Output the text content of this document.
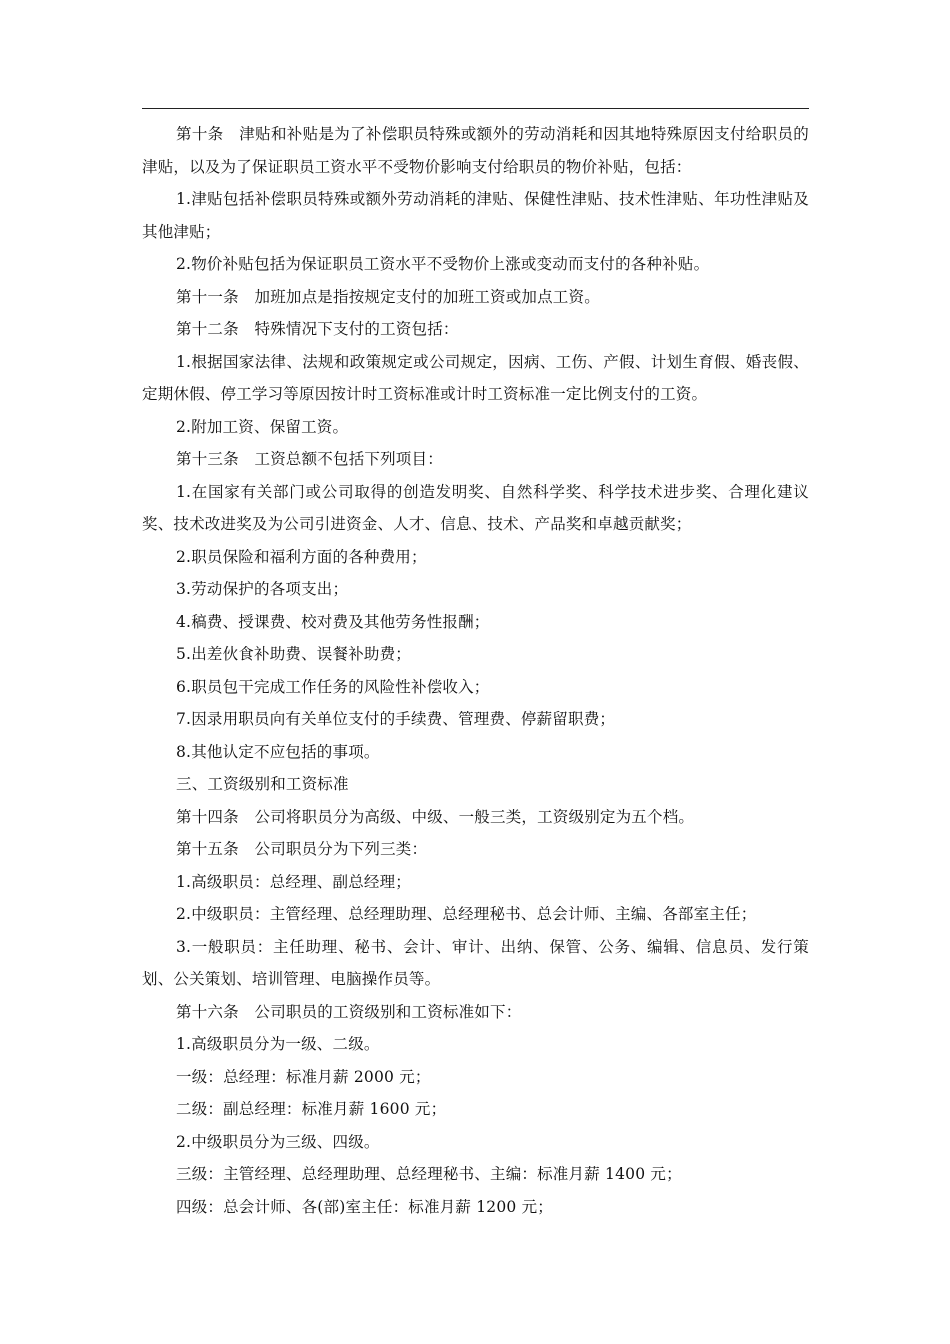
第十条　津贴和补贴是为了补偿职员特殊或额外的劳动消耗和因其地特殊原因支付给职员的津贴，以及为了保证职员工资水平不受物价影响支付给职员的物价补贴，包括：

1.津贴包括补偿职员特殊或额外劳动消耗的津贴、保健性津贴、技术性津贴、年功性津贴及其他津贴；

2.物价补贴包括为保证职员工资水平不受物价上涨或变动而支付的各种补贴。

第十一条　加班加点是指按规定支付的加班工资或加点工资。

第十二条　特殊情况下支付的工资包括：

1.根据国家法律、法规和政策规定或公司规定，因病、工伤、产假、计划生育假、婚丧假、定期休假、停工学习等原因按计时工资标准或计时工资标准一定比例支付的工资。

2.附加工资、保留工资。

第十三条　工资总额不包括下列项目：

1.在国家有关部门或公司取得的创造发明奖、自然科学奖、科学技术进步奖、合理化建议奖、技术改进奖及为公司引进资金、人才、信息、技术、产品奖和卓越贡献奖；

2.职员保险和福利方面的各种费用；

3.劳动保护的各项支出；

4.稿费、授课费、校对费及其他劳务性报酬；

5.出差伙食补助费、误餐补助费；

6.职员包干完成工作任务的风险性补偿收入；

7.因录用职员向有关单位支付的手续费、管理费、停薪留职费；

8.其他认定不应包括的事项。

三、工资级别和工资标准

第十四条　公司将职员分为高级、中级、一般三类，工资级别定为五个档。

第十五条　公司职员分为下列三类：

1.高级职员：总经理、副总经理；

2.中级职员：主管经理、总经理助理、总经理秘书、总会计师、主编、各部室主任；

3.一般职员：主任助理、秘书、会计、审计、出纳、保管、公务、编辑、信息员、发行策划、公关策划、培训管理、电脑操作员等。

第十六条　公司职员的工资级别和工资标准如下：

1.高级职员分为一级、二级。

一级：总经理：标准月薪 2000 元；

二级：副总经理：标准月薪 1600 元；

2.中级职员分为三级、四级。

三级：主管经理、总经理助理、总经理秘书、主编：标准月薪 1400 元；

四级：总会计师、各(部)室主任：标准月薪 1200 元；
